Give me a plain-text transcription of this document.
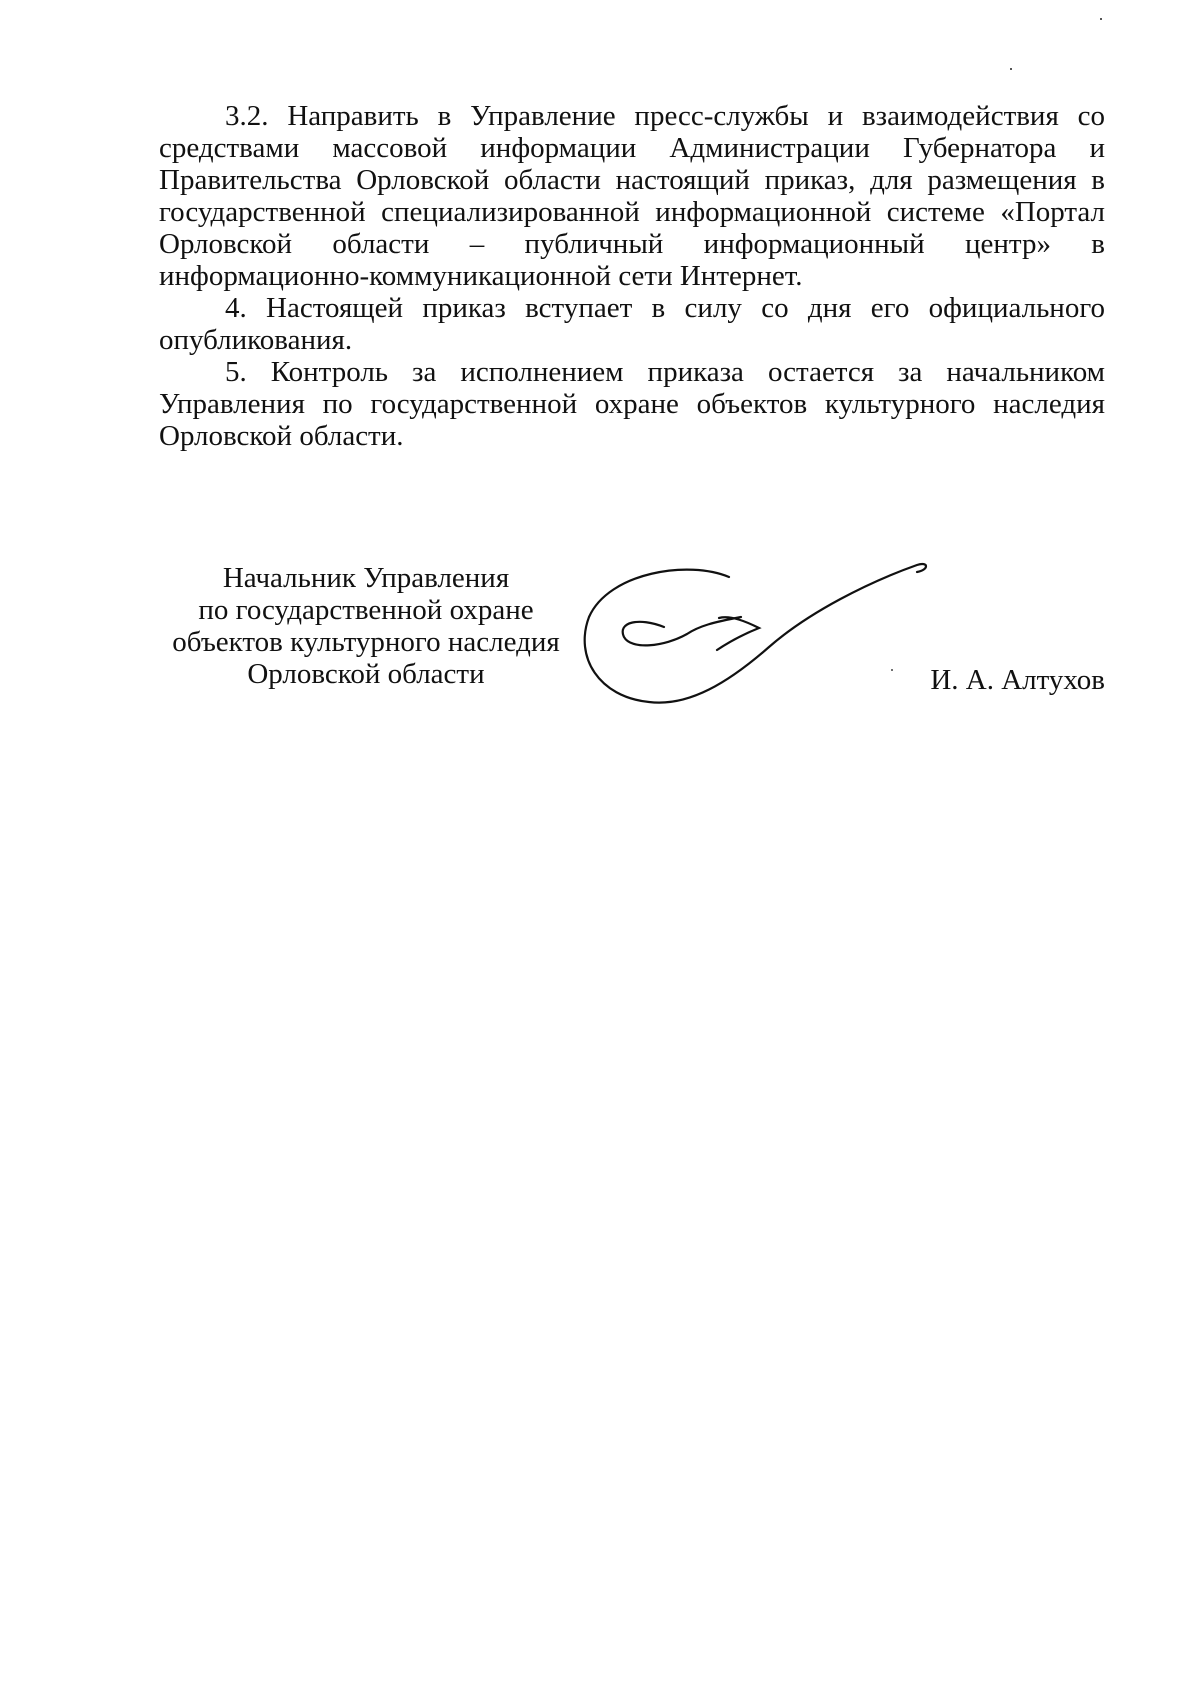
3.2. Направить в Управление пресс-службы и взаимодействия со средствами массовой информации Администрации Губернатора и Правительства Орловской области настоящий приказ, для размещения в государственной специализированной информационной системе «Портал Орловской области – публичный информационный центр» в информационно-коммуникационной сети Интернет.

4. Настоящей приказ вступает в силу со дня его официального опубликования.

5. Контроль за исполнением приказа остается за начальником Управления по государственной охране объектов культурного наследия Орловской области.

Начальник Управления
по государственной охране
объектов культурного наследия
Орловской области	И. А. Алтухов
